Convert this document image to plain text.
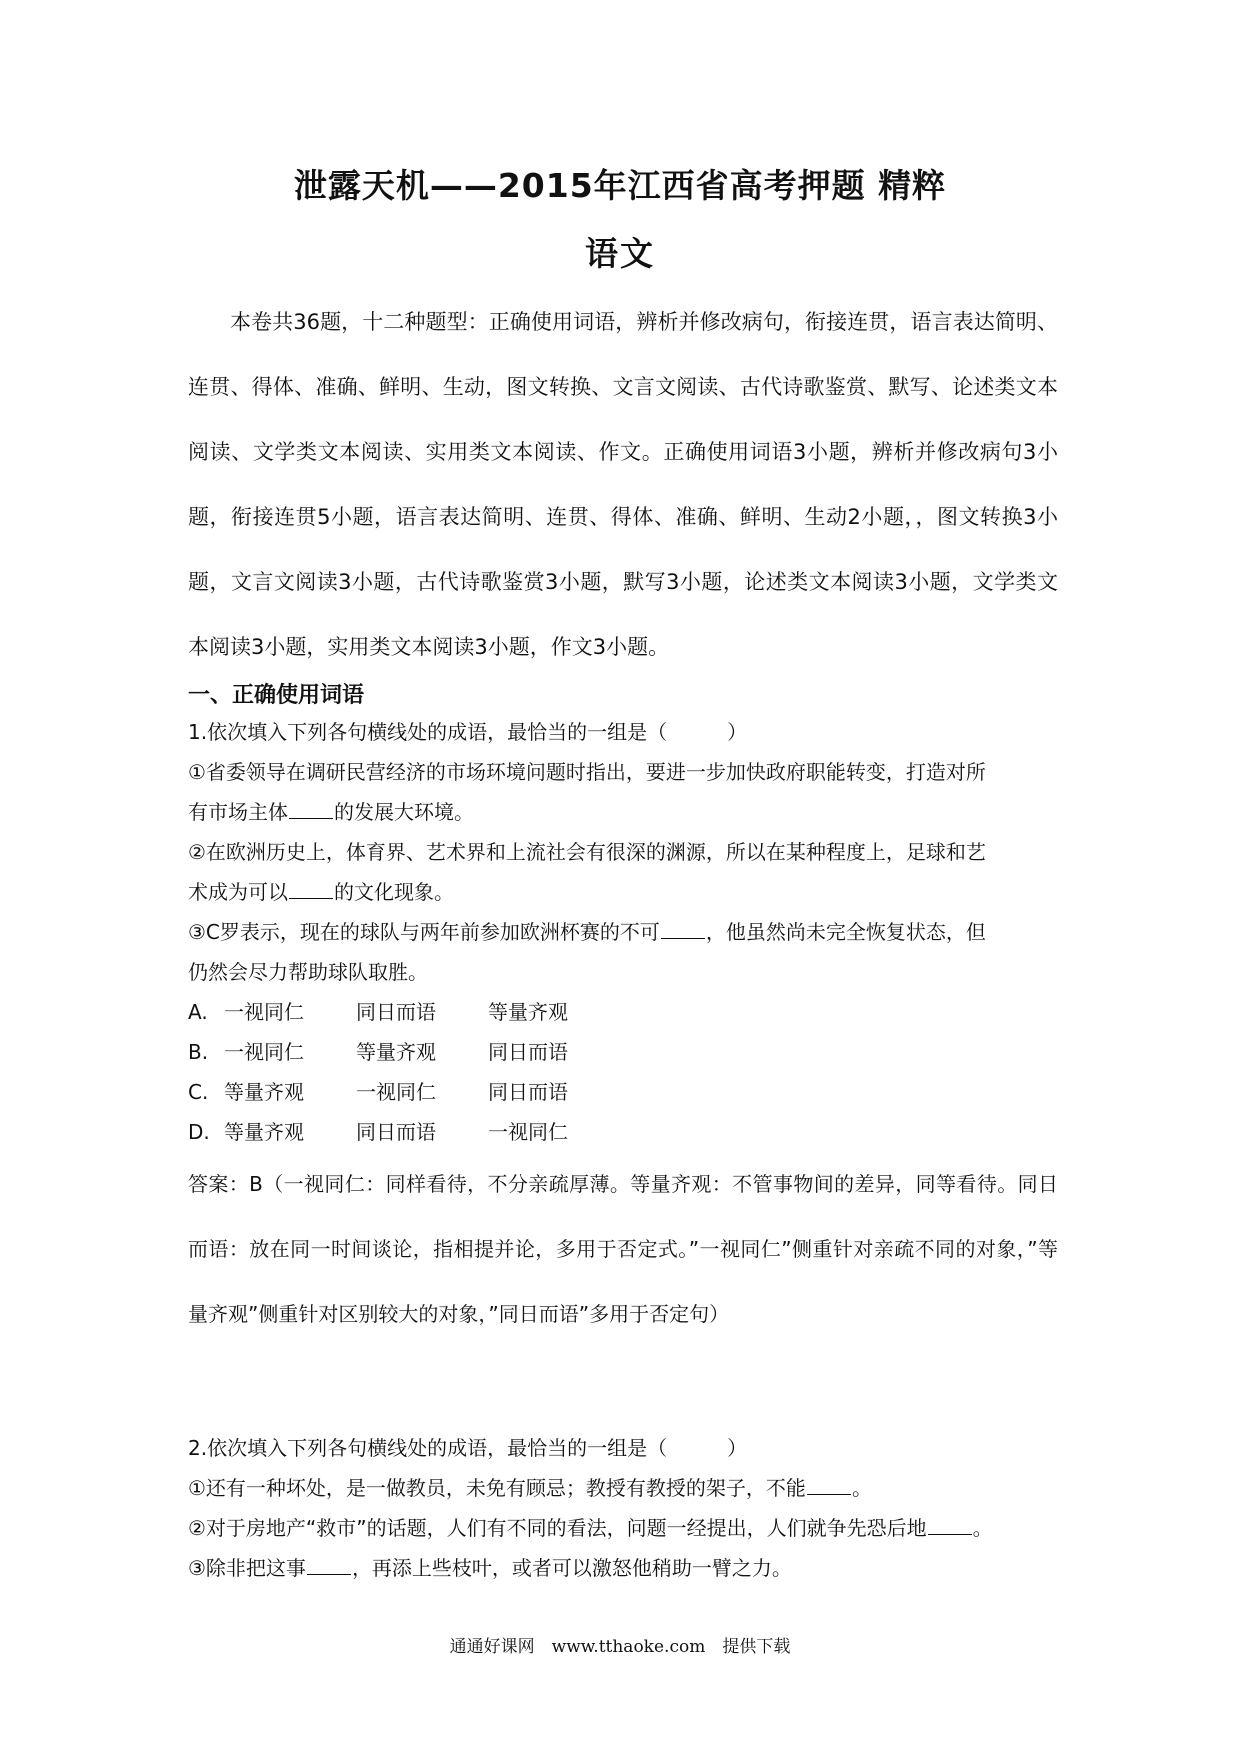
泄露天机——2015年江西省高考押题 精粹
语文

本卷共36题，十二种题型：正确使用词语，辨析并修改病句，衔接连贯，语言表达简明、连贯、得体、准确、鲜明、生动，图文转换、文言文阅读、古代诗歌鉴赏、默写、论述类文本阅读、文学类文本阅读、实用类文本阅读、作文。正确使用词语3小题，辨析并修改病句3小题，衔接连贯5小题，语言表达简明、连贯、得体、准确、鲜明、生动2小题，，图文转换3小题，文言文阅读3小题，古代诗歌鉴赏3小题，默写3小题，论述类文本阅读3小题，文学类文本阅读3小题，实用类文本阅读3小题，作文3小题。

一、正确使用词语
1.依次填入下列各句横线处的成语，最恰当的一组是（　　　）
①省委领导在调研民营经济的市场环境问题时指出，要进一步加快政府职能转变，打造对所
有市场主体 的发展大环境。
②在欧洲历史上，体育界、艺术界和上流社会有很深的渊源，所以在某种程度上，足球和艺
术成为可以 的文化现象。
③C罗表示，现在的球队与两年前参加欧洲杯赛的不可 ，他虽然尚未完全恢复状态，但
仍然会尽力帮助球队取胜。
A. 一视同仁	同日而语	等量齐观
B. 一视同仁	等量齐观	同日而语
C. 等量齐观	一视同仁	同日而语
D. 等量齐观	同日而语	一视同仁
答案：B（一视同仁：同样看待，不分亲疏厚薄。等量齐观：不管事物间的差异，同等看待。同日而语：放在同一时间谈论，指相提并论，多用于否定式。”一视同仁”侧重针对亲疏不同的对象，”等量齐观”侧重针对区别较大的对象，”同日而语”多用于否定句）
2.依次填入下列各句横线处的成语，最恰当的一组是（　　　）
①还有一种坏处，是一做教员，未免有顾忌；教授有教授的架子，不能 。
②对于房地产“救市”的话题，人们有不同的看法，问题一经提出，人们就争先恐后地 。
③除非把这事 ，再添上些枝叶，或者可以激怒他稍助一臂之力。
通通好课网　www.tthaoke.com　提供下载
